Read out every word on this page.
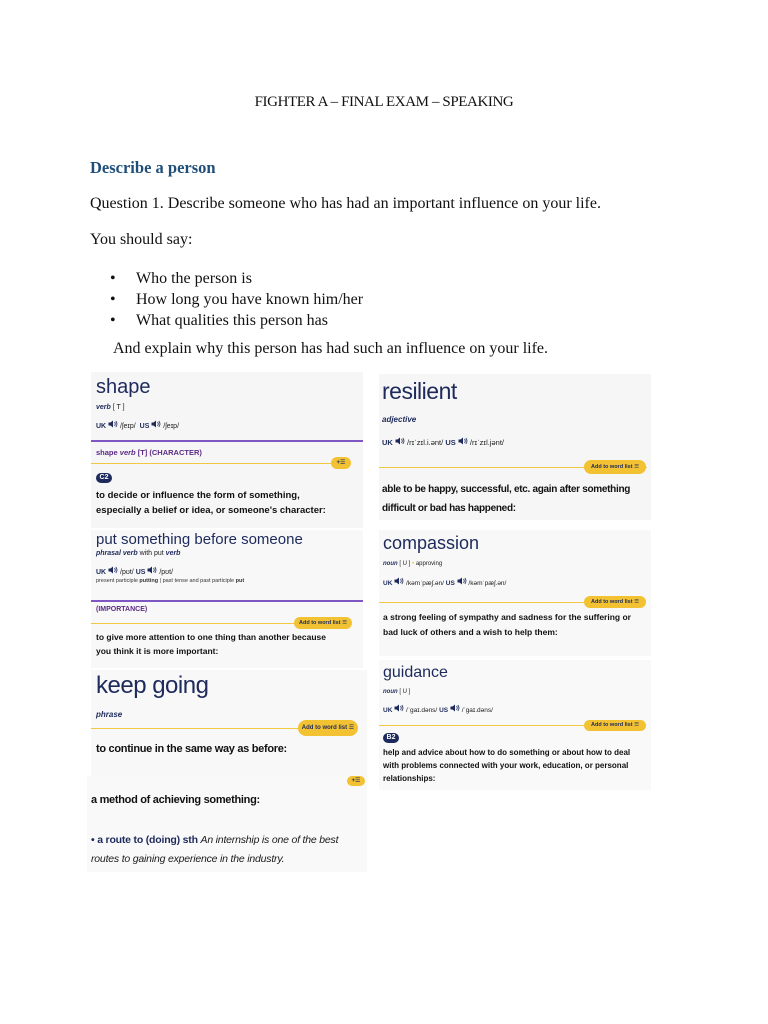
FIGHTER A – FINAL EXAM – SPEAKING
Describe a person
Question 1. Describe someone who has had an important influence on your life.
You should say:
• Who the person is
• How long you have known him/her
• What qualities this person has
And explain why this person has had such an influence on your life.
shape
verb [ T ]
UK /ʃeɪp/ US /ʃeɪp/
shape verb [T] (CHARACTER)
+☰
C2
to decide or influence the form of something, especially a belief or idea, or someone's character:
put something before someone
phrasal verb with put verb
UK /pʊt/ US /pʊt/
present participle putting | past tense and past participle put
(IMPORTANCE)
Add to word list ☰
to give more attention to one thing than another because you think it is more important:
keep going
phrase
Add to word list ☰
to continue in the same way as before:
+☰
a method of achieving something:
• a route to (doing) sth An internship is one of the best routes to gaining experience in the industry.
resilient
adjective
UK /rɪˈzɪl.i.ənt/ US /rɪˈzɪl.jənt/
Add to word list ☰
able to be happy, successful, etc. again after something difficult or bad has happened:
compassion
noun [ U ] • approving
UK /kəmˈpæʃ.ən/ US /kəmˈpæʃ.ən/
Add to word list ☰
a strong feeling of sympathy and sadness for the suffering or bad luck of others and a wish to help them:
guidance
noun [ U ]
UK /ˈɡaɪ.dəns/ US /ˈɡaɪ.dəns/
Add to word list ☰
B2
help and advice about how to do something or about how to deal with problems connected with your work, education, or personal relationships:
